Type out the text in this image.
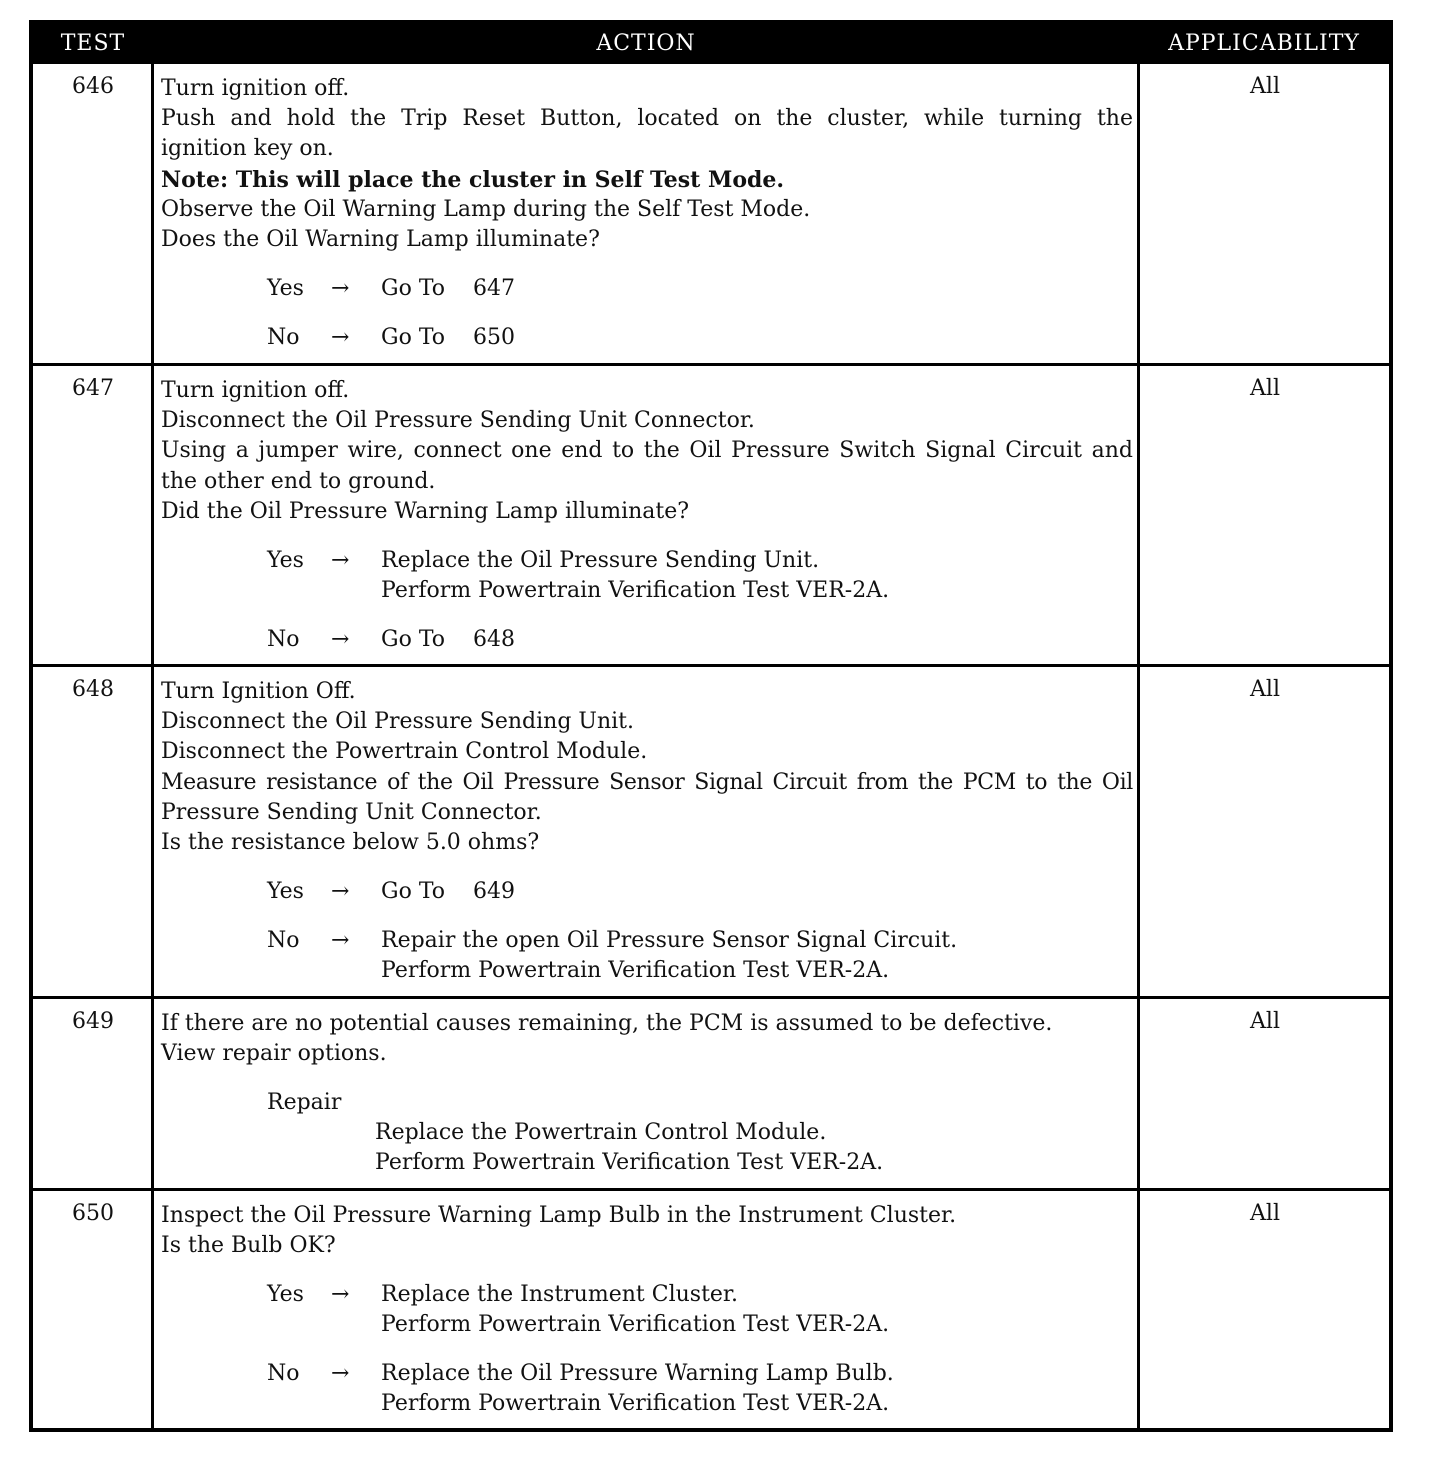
TEST	ACTION	APPLICABILITY
646	Turn ignition off.

Push and hold the Trip Reset Button, located on the cluster, while turning the

ignition key on.

Note: This will place the cluster in Self Test Mode.

Observe the Oil Warning Lamp during the Self Test Mode.

Does the Oil Warning Lamp illuminate?

Yes → Go To 647
No → Go To 650
All
647	Turn ignition off.

Disconnect the Oil Pressure Sending Unit Connector.

Using a jumper wire, connect one end to the Oil Pressure Switch Signal Circuit and

the other end to ground.

Did the Oil Pressure Warning Lamp illuminate?

Yes → Replace the Oil Pressure Sending Unit.
Perform Powertrain Verification Test VER-2A.
No → Go To 648
All
648	Turn Ignition Off.

Disconnect the Oil Pressure Sending Unit.

Disconnect the Powertrain Control Module.

Measure resistance of the Oil Pressure Sensor Signal Circuit from the PCM to the Oil

Pressure Sending Unit Connector.

Is the resistance below 5.0 ohms?

Yes → Go To 649
No → Repair the open Oil Pressure Sensor Signal Circuit.
Perform Powertrain Verification Test VER-2A.
All
649	If there are no potential causes remaining, the PCM is assumed to be defective.

View repair options.

Repair
Replace the Powertrain Control Module.
Perform Powertrain Verification Test VER-2A.
All
650	Inspect the Oil Pressure Warning Lamp Bulb in the Instrument Cluster.

Is the Bulb OK?

Yes → Replace the Instrument Cluster.
Perform Powertrain Verification Test VER-2A.
No → Replace the Oil Pressure Warning Lamp Bulb.
Perform Powertrain Verification Test VER-2A.
All
